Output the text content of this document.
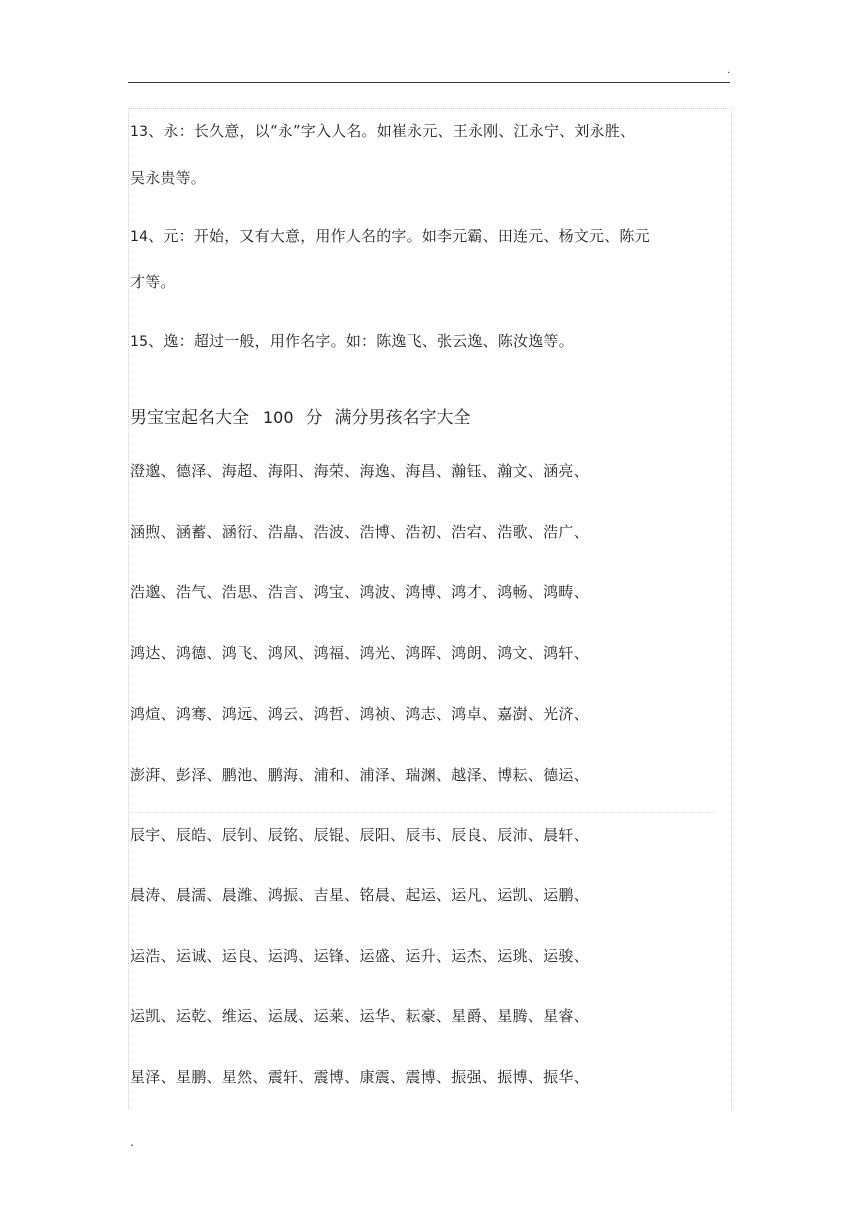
.
13、永：长久意，以“永”字入人名。如崔永元、王永刚、江永宁、刘永胜、
吴永贵等。
14、元：开始，又有大意，用作人名的字。如李元霸、田连元、杨文元、陈元
才等。
15、逸：超过一般，用作名字。如：陈逸飞、张云逸、陈汝逸等。
男宝宝起名大全 100 分 满分男孩名字大全
澄邈、德泽、海超、海阳、海荣、海逸、海昌、瀚钰、瀚文、涵亮、
涵煦、涵蓄、涵衍、浩皛、浩波、浩博、浩初、浩宕、浩歌、浩广、
浩邈、浩气、浩思、浩言、鸿宝、鸿波、鸿博、鸿才、鸿畅、鸿畴、
鸿达、鸿德、鸿飞、鸿风、鸿福、鸿光、鸿晖、鸿朗、鸿文、鸿轩、
鸿煊、鸿骞、鸿远、鸿云、鸿哲、鸿祯、鸿志、鸿卓、嘉澍、光济、
澎湃、彭泽、鹏池、鹏海、浦和、浦泽、瑞渊、越泽、博耘、德运、
辰宇、辰皓、辰钊、辰铭、辰锟、辰阳、辰韦、辰良、辰沛、晨轩、
晨涛、晨濡、晨潍、鸿振、吉星、铭晨、起运、运凡、运凯、运鹏、
运浩、运诚、运良、运鸿、运锋、运盛、运升、运杰、运珧、运骏、
运凯、运乾、维运、运晟、运莱、运华、耘豪、星爵、星腾、星睿、
星泽、星鹏、星然、震轩、震博、康震、震博、振强、振博、振华、
.
